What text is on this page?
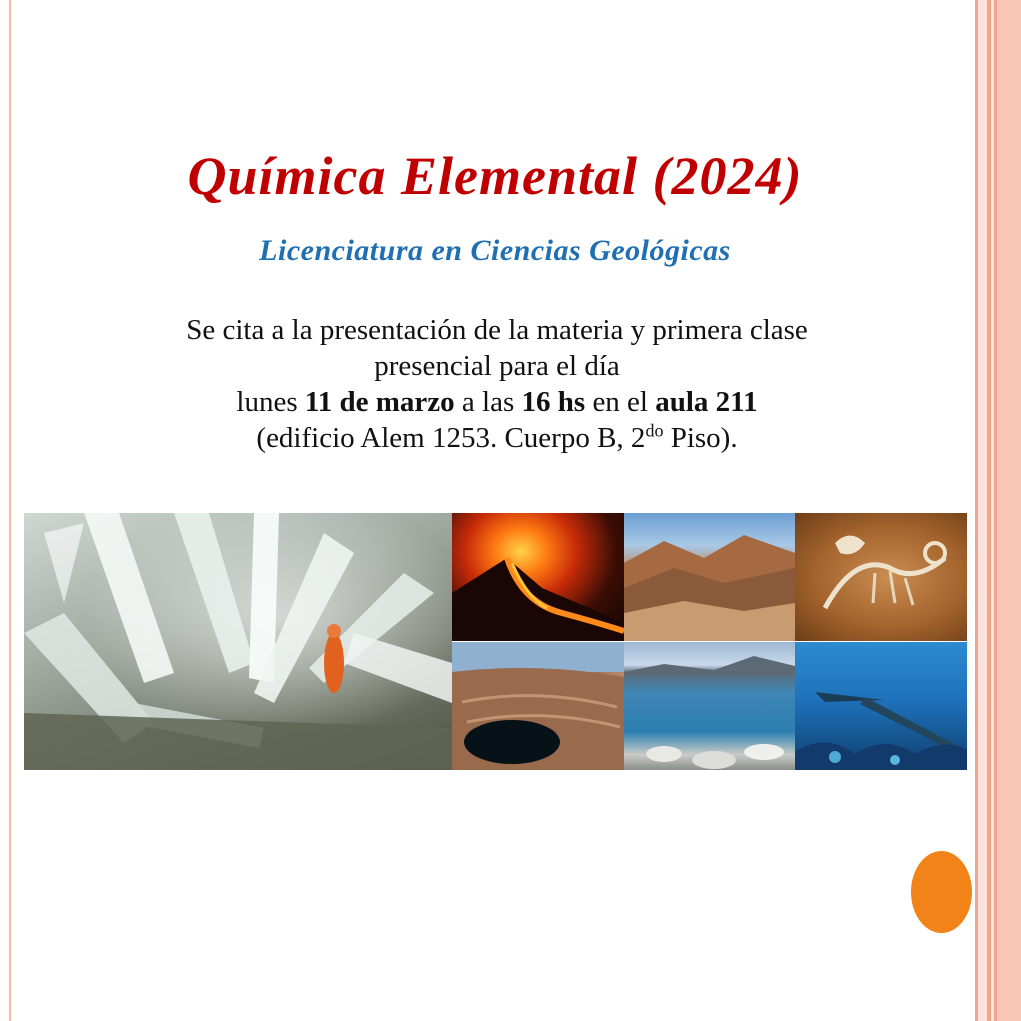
Química Elemental (2024)
Licenciatura en Ciencias Geológicas
Se cita a la presentación de la materia y primera clase
presencial para el día
lunes 11 de marzo a las 16 hs en el aula 211
(edificio Alem 1253. Cuerpo B, $2^{do}$ Piso).
